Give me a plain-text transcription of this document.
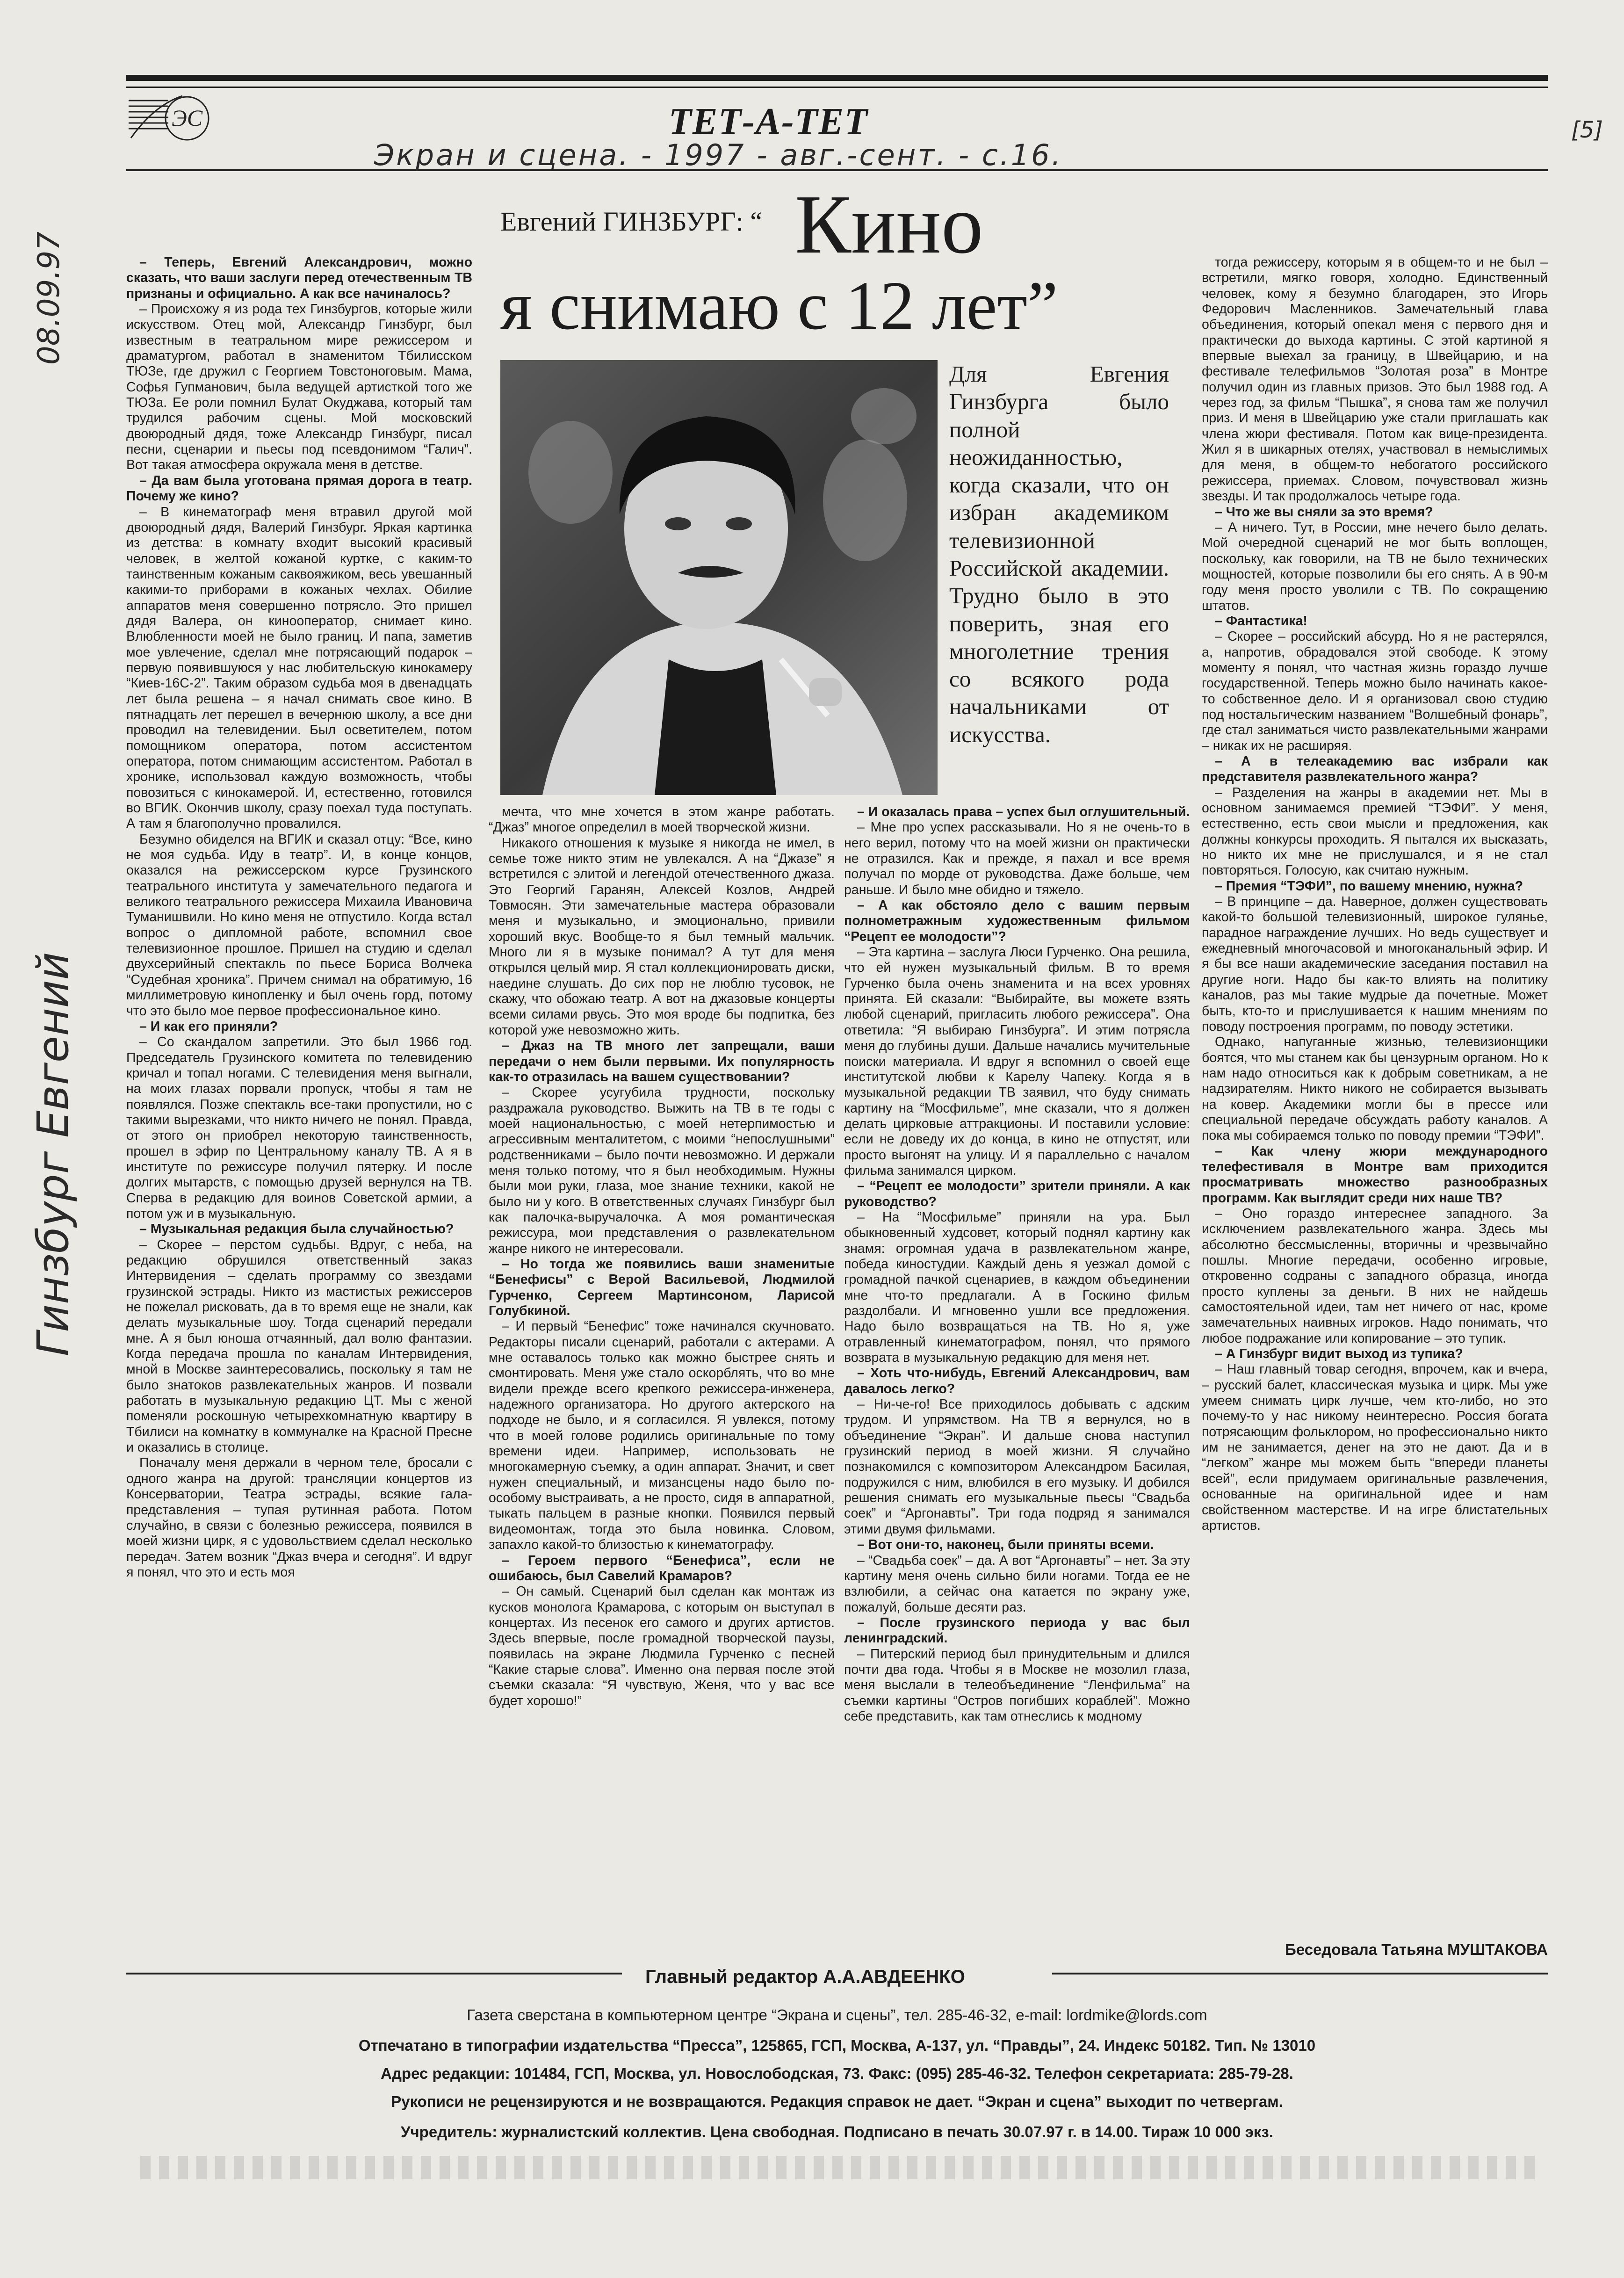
ЭС	ТЕТ-А-ТЕТ
Экран и сцена. - 1997 - авг.-сент. - с.16.
08.09.97
Гинзбург Евгений
[5]
Евгений ГИНЗБУРГ: “ Кино
я снимаю с 12 лет”
Для Евгения Гинзбурга было полной неожиданностью, когда сказали, что он избран академиком телевизионной Российской академии. Трудно было в это поверить, зная его многолетние трения со всякого рода начальниками от искусства.

– Теперь, Евгений Александрович, можно сказать, что ваши заслуги перед отечественным ТВ признаны и официально. А как все начиналось?

– Происхожу я из рода тех Гинзбургов, которые жили искусством. Отец мой, Александр Гинзбург, был известным в театральном мире режиссером и драматургом, работал в знаменитом Тбилисском ТЮЗе, где дружил с Георгием Товстоноговым. Мама, Софья Гупманович, была ведущей артисткой того же ТЮЗа. Ее роли помнил Булат Окуджава, который там трудился рабочим сцены. Мой московский двоюродный дядя, тоже Александр Гинзбург, писал песни, сценарии и пьесы под псевдонимом “Галич”. Вот такая атмосфера окружала меня в детстве.

– Да вам была уготована прямая дорога в театр. Почему же кино?

– В кинематограф меня втравил другой мой двоюродный дядя, Валерий Гинзбург. Яркая картинка из детства: в комнату входит высокий красивый человек, в желтой кожаной куртке, с каким-то таинственным кожаным саквояжиком, весь увешанный какими-то приборами в кожаных чехлах. Обилие аппаратов меня совершенно потрясло. Это пришел дядя Валера, он кинооператор, снимает кино. Влюбленности моей не было границ. И папа, заметив мое увлечение, сделал мне потрясающий подарок – первую появившуюся у нас любительскую кинокамеру “Киев-16С-2”. Таким образом судьба моя в двенадцать лет была решена – я начал снимать свое кино. В пятнадцать лет перешел в вечернюю школу, а все дни проводил на телевидении. Был осветителем, потом помощником оператора, потом ассистентом оператора, потом снимающим ассистентом. Работал в хронике, использовал каждую возможность, чтобы повозиться с кинокамерой. И, естественно, готовился во ВГИК. Окончив школу, сразу поехал туда поступать. А там я благополучно провалился.

Безумно обиделся на ВГИК и сказал отцу: “Все, кино не моя судьба. Иду в театр”. И, в конце концов, оказался на режиссерском курсе Грузинского театрального института у замечательного педагога и великого театрального режиссера Михаила Ивановича Туманишвили. Но кино меня не отпустило. Когда встал вопрос о дипломной работе, вспомнил свое телевизионное прошлое. Пришел на студию и сделал двухсерийный спектакль по пьесе Бориса Волчека “Судебная хроника”. Причем снимал на обратимую, 16 миллиметровую кинопленку и был очень горд, потому что это было мое первое профессиональное кино.

– И как его приняли?

– Со скандалом запретили. Это был 1966 год. Председатель Грузинского комитета по телевидению кричал и топал ногами. С телевидения меня выгнали, на моих глазах порвали пропуск, чтобы я там не появлялся. Позже спектакль все-таки пропустили, но с такими вырезками, что никто ничего не понял. Правда, от этого он приобрел некоторую таинственность, прошел в эфир по Центральному каналу ТВ. А я в институте по режиссуре получил пятерку. И после долгих мытарств, с помощью друзей вернулся на ТВ. Сперва в редакцию для воинов Советской армии, а потом уж и в музыкальную.

– Музыкальная редакция была случайностью?

– Скорее – перстом судьбы. Вдруг, с неба, на редакцию обрушился ответственный заказ Интервидения – сделать программу со звездами грузинской эстрады. Никто из мастистых режиссеров не пожелал рисковать, да в то время еще не знали, как делать музыкальные шоу. Тогда сценарий передали мне. А я был юноша отчаянный, дал волю фантазии. Когда передача прошла по каналам Интервидения, мной в Москве заинтересовались, поскольку я там не было знатоков развлекательных жанров. И позвали работать в музыкальную редакцию ЦТ. Мы с женой поменяли роскошную четырехкомнатную квартиру в Тбилиси на комнатку в коммуналке на Красной Пресне и оказались в столице.

Поначалу меня держали в черном теле, бросали с одного жанра на другой: трансляции концертов из Консерватории, Театра эстрады, всякие гала-представления – тупая рутинная работа. Потом случайно, в связи с болезнью режиссера, появился в моей жизни цирк, я с удовольствием сделал несколько передач. Затем возник “Джаз вчера и сегодня”. И вдруг я понял, что это и есть моя

мечта, что мне хочется в этом жанре работать. “Джаз” многое определил в моей творческой жизни.

Никакого отношения к музыке я никогда не имел, в семье тоже никто этим не увлекался. А на “Джазе” я встретился с элитой и легендой отечественного джаза. Это Георгий Гаранян, Алексей Козлов, Андрей Товмосян. Эти замечательные мастера образовали меня и музыкально, и эмоционально, привили хороший вкус. Вообще-то я был темный мальчик. Много ли я в музыке понимал? А тут для меня открылся целый мир. Я стал коллекционировать диски, наедине слушать. До сих пор не люблю тусовок, не скажу, что обожаю театр. А вот на джазовые концерты всеми силами рвусь. Это моя вроде бы подпитка, без которой уже невозможно жить.

– Джаз на ТВ много лет запрещали, ваши передачи о нем были первыми. Их популярность как-то отразилась на вашем существовании?

– Скорее усугубила трудности, поскольку раздражала руководство. Выжить на ТВ в те годы с моей национальностью, с моей нетерпимостью и агрессивным менталитетом, с моими “непослушными” родственниками – было почти невозможно. И держали меня только потому, что я был необходимым. Нужны были мои руки, глаза, мое знание техники, какой не было ни у кого. В ответственных случаях Гинзбург был как палочка-выручалочка. А моя романтическая режиссура, мои представления о развлекательном жанре никого не интересовали.

– Но тогда же появились ваши знаменитые “Бенефисы” с Верой Васильевой, Людмилой Гурченко, Сергеем Мартинсоном, Ларисой Голубкиной.

– И первый “Бенефис” тоже начинался скучновато. Редакторы писали сценарий, работали с актерами. А мне оставалось только как можно быстрее снять и смонтировать. Меня уже стало оскорблять, что во мне видели прежде всего крепкого режиссера-инженера, надежного организатора. Но другого актерского на подходе не было, и я согласился. Я увлекся, потому что в моей голове родились оригинальные по тому времени идеи. Например, использовать не многокамерную съемку, а один аппарат. Значит, и свет нужен специальный, и мизансцены надо было по-особому выстраивать, а не просто, сидя в аппаратной, тыкать пальцем в разные кнопки. Появился первый видеомонтаж, тогда это была новинка. Словом, запахло какой-то близостью к кинематографу.

– Героем первого “Бенефиса”, если не ошибаюсь, был Савелий Крамаров?

– Он самый. Сценарий был сделан как монтаж из кусков монолога Крамарова, с которым он выступал в концертах. Из песенок его самого и других артистов. Здесь впервые, после громадной творческой паузы, появилась на экране Людмила Гурченко с песней “Какие старые слова”. Именно она первая после этой съемки сказала: “Я чувствую, Женя, что у вас все будет хорошо!”

– И оказалась права – успех был оглушительный.

– Мне про успех рассказывали. Но я не очень-то в него верил, потому что на моей жизни он практически не отразился. Как и прежде, я пахал и все время получал по морде от руководства. Даже больше, чем раньше. И было мне обидно и тяжело.

– А как обстояло дело с вашим первым полнометражным художественным фильмом “Рецепт ее молодости”?

– Эта картина – заслуга Люси Гурченко. Она решила, что ей нужен музыкальный фильм. В то время Гурченко была очень знаменита и на всех уровнях принята. Ей сказали: “Выбирайте, вы можете взять любой сценарий, пригласить любого режиссера”. Она ответила: “Я выбираю Гинзбурга”. И этим потрясла меня до глубины души. Дальше начались мучительные поиски материала. И вдруг я вспомнил о своей еще институтской любви к Карелу Чапеку. Когда я в музыкальной редакции ТВ заявил, что буду снимать картину на “Мосфильме”, мне сказали, что я должен делать цирковые аттракционы. И поставили условие: если не доведу их до конца, в кино не отпустят, или просто выгонят на улицу. И я параллельно с началом фильма занимался цирком.

– “Рецепт ее молодости” зрители приняли. А как руководство?

– На “Мосфильме” приняли на ура. Был обыкновенный худсовет, который поднял картину как знамя: огромная удача в развлекательном жанре, победа киностудии. Каждый день я уезжал домой с громадной пачкой сценариев, в каждом объединении мне что-то предлагали. А в Госкино фильм раздолбали. И мгновенно ушли все предложения. Надо было возвращаться на ТВ. Но я, уже отравленный кинематографом, понял, что прямого возврата в музыкальную редакцию для меня нет.

– Хоть что-нибудь, Евгений Александрович, вам давалось легко?

– Ни-че-го! Все приходилось добывать с адским трудом. И упрямством. На ТВ я вернулся, но в объединение “Экран”. И дальше снова наступил грузинский период в моей жизни. Я случайно познакомился с композитором Александром Басилая, подружился с ним, влюбился в его музыку. И добился решения снимать его музыкальные пьесы “Свадьба соек” и “Аргонавты”. Три года подряд я занимался этими двумя фильмами.

– Вот они-то, наконец, были приняты всеми.

– “Свадьба соек” – да. А вот “Аргонавты” – нет. За эту картину меня очень сильно били ногами. Тогда ее не взлюбили, а сейчас она катается по экрану уже, пожалуй, больше десяти раз.

– После грузинского периода у вас был ленинградский.

– Питерский период был принудительным и длился почти два года. Чтобы я в Москве не мозолил глаза, меня выслали в телеобъединение “Ленфильма” на съемки картины “Остров погибших кораблей”. Можно себе представить, как там отнеслись к модному

тогда режиссеру, которым я в общем-то и не был – встретили, мягко говоря, холодно. Единственный человек, кому я безумно благодарен, это Игорь Федорович Масленников. Замечательный глава объединения, который опекал меня с первого дня и практически до выхода картины. С этой картиной я впервые выехал за границу, в Швейцарию, и на фестивале телефильмов “Золотая роза” в Монтре получил один из главных призов. Это был 1988 год. А через год, за фильм “Пышка”, я снова там же получил приз. И меня в Швейцарию уже стали приглашать как члена жюри фестиваля. Потом как вице-президента. Жил я в шикарных отелях, участвовал в немыслимых для меня, в общем-то небогатого российского режиссера, приемах. Словом, почувствовал жизнь звезды. И так продолжалось четыре года.

– Что же вы сняли за это время?

– А ничего. Тут, в России, мне нечего было делать. Мой очередной сценарий не мог быть воплощен, поскольку, как говорили, на ТВ не было технических мощностей, которые позволили бы его снять. А в 90-м году меня просто уволили с ТВ. По сокращению штатов.

– Фантастика!

– Скорее – российский абсурд. Но я не растерялся, а, напротив, обрадовался этой свободе. К этому моменту я понял, что частная жизнь гораздо лучше государственной. Теперь можно было начинать какое-то собственное дело. И я организовал свою студию под ностальгическим названием “Волшебный фонарь”, где стал заниматься чисто развлекательными жанрами – никак их не расширяя.

– А в телеакадемию вас избрали как представителя развлекательного жанра?

– Разделения на жанры в академии нет. Мы в основном занимаемся премией “ТЭФИ”. У меня, естественно, есть свои мысли и предложения, как должны конкурсы проходить. Я пытался их высказать, но никто их мне не прислушался, и я не стал повторяться. Голосую, как считаю нужным.

– Премия “ТЭФИ”, по вашему мнению, нужна?

– В принципе – да. Наверное, должен существовать какой-то большой телевизионный, широкое гулянье, парадное награждение лучших. Но ведь существует и ежедневный многочасовой и многоканальный эфир. И я бы все наши академические заседания поставил на другие ноги. Надо бы как-то влиять на политику каналов, раз мы такие мудрые да почетные. Может быть, кто-то и прислушивается к нашим мнениям по поводу построения программ, по поводу эстетики.

Однако, напуганные жизнью, телевизионщики боятся, что мы станем как бы цензурным органом. Но к нам надо относиться как к добрым советникам, а не надзирателям. Никто никого не собирается вызывать на ковер. Академики могли бы в прессе или специальной передаче обсуждать работу каналов. А пока мы собираемся только по поводу премии “ТЭФИ”.

– Как члену жюри международного телефестиваля в Монтре вам приходится просматривать множество разнообразных программ. Как выглядит среди них наше ТВ?

– Оно гораздо интереснее западного. За исключением развлекательного жанра. Здесь мы абсолютно бессмысленны, вторичны и чрезвычайно пошлы. Многие передачи, особенно игровые, откровенно содраны с западного образца, иногда просто куплены за деньги. В них не найдешь самостоятельной идеи, там нет ничего от нас, кроме замечательных наивных игроков. Надо понимать, что любое подражание или копирование – это тупик.

– А Гинзбург видит выход из тупика?

– Наш главный товар сегодня, впрочем, как и вчера, – русский балет, классическая музыка и цирк. Мы уже умеем снимать цирк лучше, чем кто-либо, но это почему-то у нас никому неинтересно. Россия богата потрясающим фольклором, но профессионально никто им не занимается, денег на это не дают. Да и в “легком” жанре мы можем быть “впереди планеты всей”, если придумаем оригинальные развлечения, основанные на оригинальной идее и нам свойственном мастерстве. И на игре блистательных артистов.

Беседовала Татьяна МУШТАКОВА
Главный редактор А.А.АВДЕЕНКО
Газета сверстана в компьютерном центре “Экрана и сцены”, тел. 285-46-32, e-mail: lordmike@lords.com
Отпечатано в типографии издательства “Пресса”, 125865, ГСП, Москва, А-137, ул. “Правды”, 24. Индекс 50182. Тип. № 13010
Адрес редакции: 101484, ГСП, Москва, ул. Новослободская, 73. Факс: (095) 285-46-32. Телефон секретариата: 285-79-28.
Рукописи не рецензируются и не возвращаются. Редакция справок не дает. “Экран и сцена” выходит по четвергам.
Учредитель: журналистский коллектив. Цена свободная. Подписано в печать 30.07.97 г. в 14.00. Тираж 10 000 экз.
